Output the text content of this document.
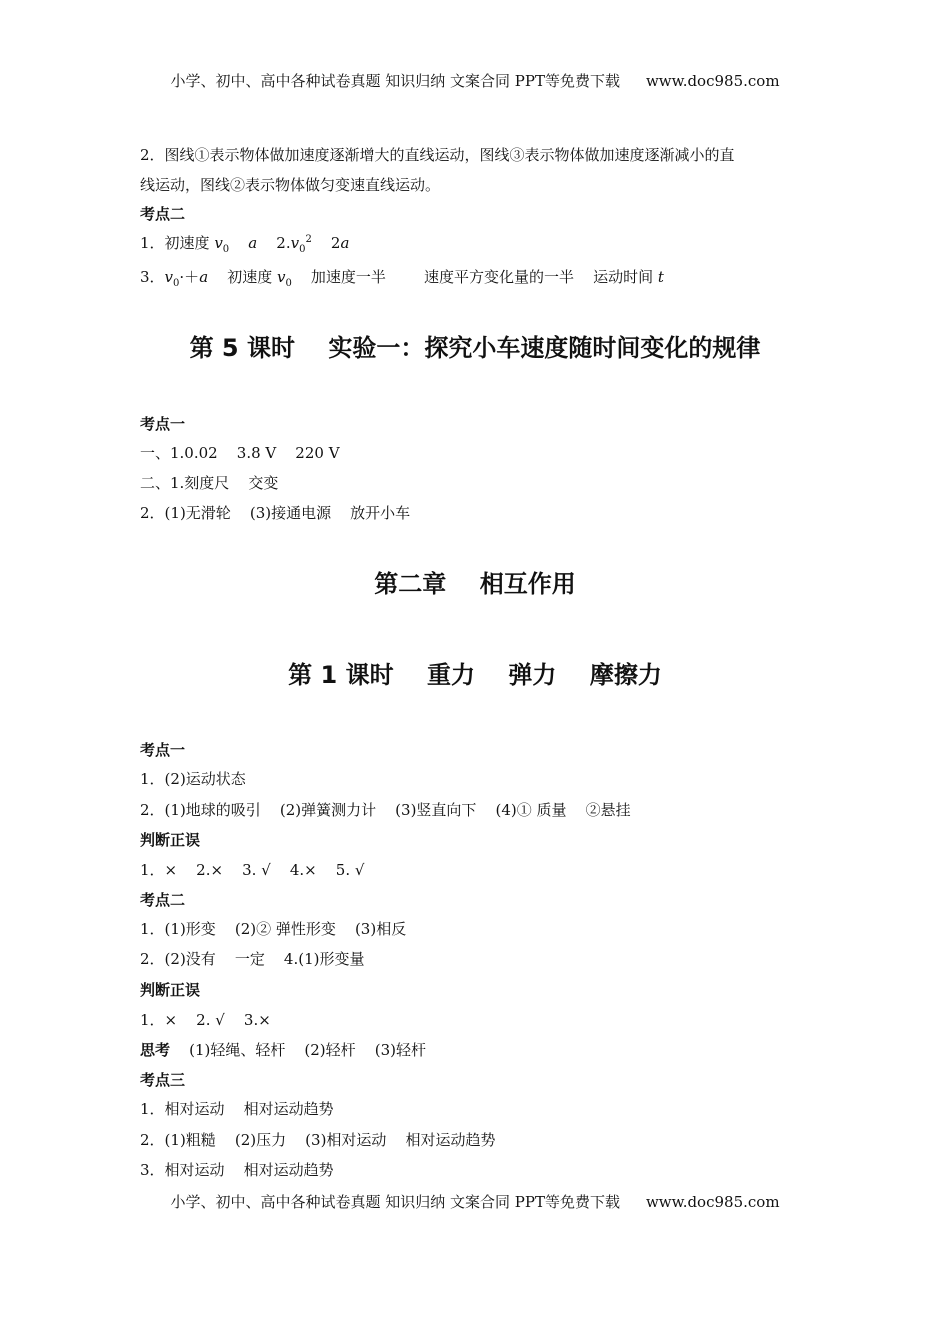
小学、初中、高中各种试卷真题 知识归纳 文案合同 PPT等免费下载 www.doc985.com
2．图线①表示物体做加速度逐渐增大的直线运动，图线③表示物体做加速度逐渐减小的直
线运动，图线②表示物体做匀变速直线运动。
考点二
1．初速度 $v_0$ a $2.v_0^2$ 2a
3．$v_0\cdot+a$    初速度 $v_0$    加速度一半        速度平方变化量的一半    运动时间 t
第 5 课时    实验一：探究小车速度随时间变化的规律
考点一
一、1.0.02    3.8 V    220 V
二、1.刻度尺    交变
2．(1)无滑轮    (3)接通电源    放开小车
第二章    相互作用
第 1 课时    重力    弹力    摩擦力
考点一
1．(2)运动状态
2．(1)地球的吸引    (2)弹簧测力计    (3)竖直向下    (4)① 质量    ②悬挂
判断正误
1．×    2.×    3. √    4.×    5. √
考点二
1．(1)形变    (2)② 弹性形变    (3)相反
2．(2)没有    一定    4.(1)形变量
判断正误
1．×    2. √    3.×
思考    (1)轻绳、轻杆    (2)轻杆    (3)轻杆
考点三
1．相对运动    相对运动趋势
2．(1)粗糙    (2)压力    (3)相对运动    相对运动趋势
3．相对运动    相对运动趋势
小学、初中、高中各种试卷真题 知识归纳 文案合同 PPT等免费下载 www.doc985.com
